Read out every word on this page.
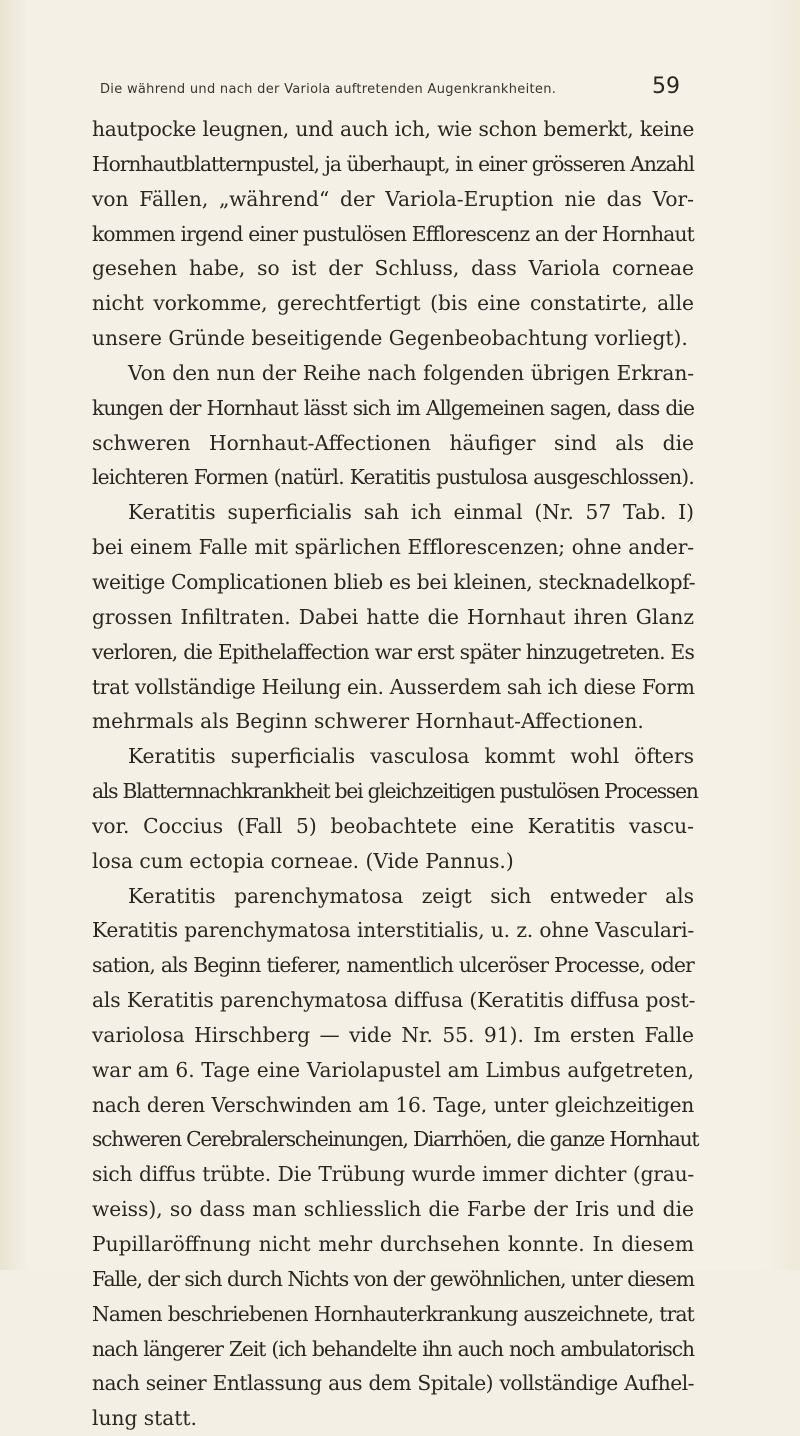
Die während und nach der Variola auftretenden Augenkrankheiten.	59
hautpocke leugnen, und auch ich, wie schon bemerkt, keine
Hornhautblatternpustel, ja überhaupt, in einer grösseren Anzahl
von Fällen, „während“ der Variola-Eruption nie das Vor-
kommen irgend einer pustulösen Efflorescenz an der Hornhaut
gesehen habe, so ist der Schluss, dass Variola corneae
nicht vorkomme, gerechtfertigt (bis eine constatirte, alle
unsere Gründe beseitigende Gegenbeobachtung vorliegt).
Von den nun der Reihe nach folgenden übrigen Erkran-
kungen der Hornhaut lässt sich im Allgemeinen sagen, dass die
schweren Hornhaut-Affectionen häufiger sind als die
leichteren Formen (natürl. Keratitis pustulosa ausgeschlossen).
Keratitis superficialis sah ich einmal (Nr. 57 Tab. I)
bei einem Falle mit spärlichen Efflorescenzen; ohne ander-
weitige Complicationen blieb es bei kleinen, stecknadelkopf-
grossen Infiltraten. Dabei hatte die Hornhaut ihren Glanz
verloren, die Epithelaffection war erst später hinzugetreten. Es
trat vollständige Heilung ein. Ausserdem sah ich diese Form
mehrmals als Beginn schwerer Hornhaut-Affectionen.
Keratitis superficialis vasculosa kommt wohl öfters
als Blatternnachkrankheit bei gleichzeitigen pustulösen Processen
vor. Coccius (Fall 5) beobachtete eine Keratitis vascu-
losa cum ectopia corneae. (Vide Pannus.)
Keratitis parenchymatosa zeigt sich entweder als
Keratitis parenchymatosa interstitialis, u. z. ohne Vasculari-
sation, als Beginn tieferer, namentlich ulceröser Processe, oder
als Keratitis parenchymatosa diffusa (Keratitis diffusa post-
variolosa Hirschberg — vide Nr. 55. 91). Im ersten Falle
war am 6. Tage eine Variolapustel am Limbus aufgetreten,
nach deren Verschwinden am 16. Tage, unter gleichzeitigen
schweren Cerebralerscheinungen, Diarrhöen, die ganze Hornhaut
sich diffus trübte. Die Trübung wurde immer dichter (grau-
weiss), so dass man schliesslich die Farbe der Iris und die
Pupillaröffnung nicht mehr durchsehen konnte. In diesem
Falle, der sich durch Nichts von der gewöhnlichen, unter diesem
Namen beschriebenen Hornhauterkrankung auszeichnete, trat
nach längerer Zeit (ich behandelte ihn auch noch ambulatorisch
nach seiner Entlassung aus dem Spitale) vollständige Aufhel-
lung statt.
